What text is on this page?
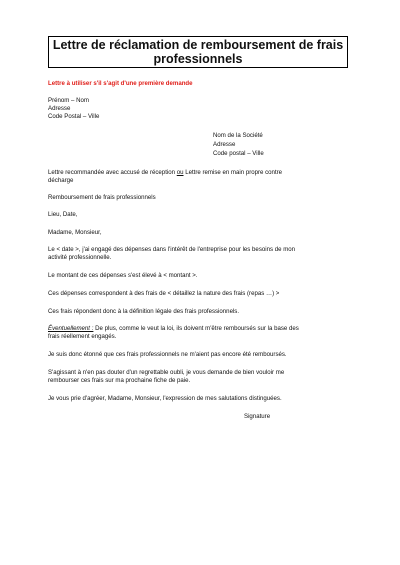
Lettre de réclamation de remboursement de frais
professionnels
Lettre à utiliser s'il s'agit d'une première demande
Prénom – Nom
Adresse
Code Postal – Ville
Nom de la Société
Adresse
Code postal – Ville
Lettre recommandée avec accusé de réception ou Lettre remise en main propre contre
décharge
Remboursement de frais professionnels
Lieu, Date,
Madame, Monsieur,
Le < date >, j'ai engagé des dépenses dans l'intérêt de l'entreprise pour les besoins de mon
activité professionnelle.
Le montant de ces dépenses s'est élevé à < montant >.
Ces dépenses correspondent à des frais de < détaillez la nature des frais (repas …) >
Ces frais répondent donc à la définition légale des frais professionnels.
Éventuellement : De plus, comme le veut la loi, ils doivent m'être remboursés sur la base des
frais réellement engagés.
Je suis donc étonné que ces frais professionnels ne m'aient pas encore été remboursés.
S'agissant à n'en pas douter d'un regrettable oubli, je vous demande de bien vouloir me
rembourser ces frais sur ma prochaine fiche de paie.
Je vous prie d'agréer, Madame, Monsieur, l'expression de mes salutations distinguées.
Signature
